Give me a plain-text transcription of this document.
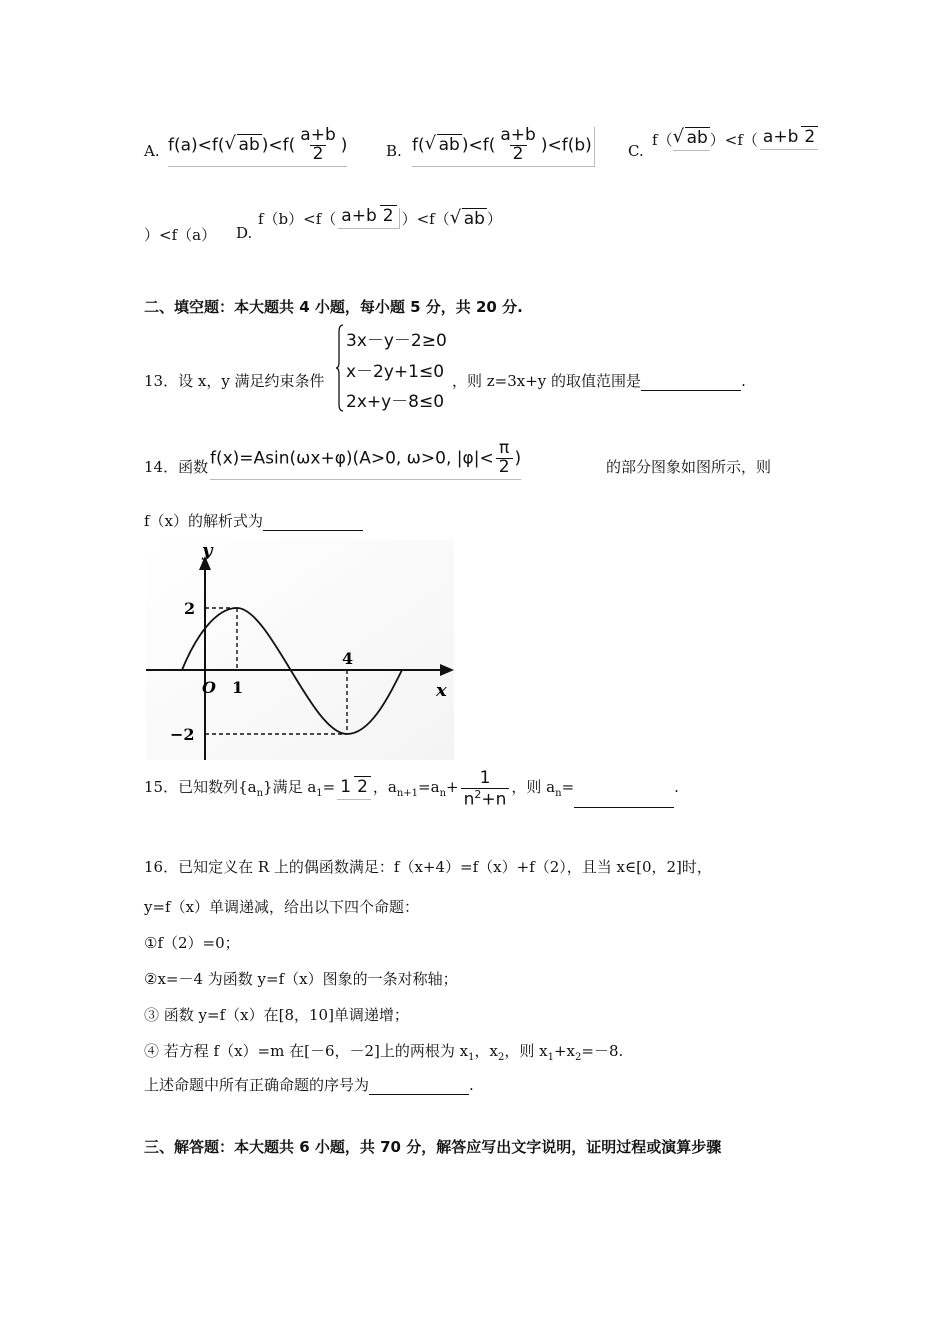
A. f(a)<f( √ ab )$<f( \frac{a+b}{2}$ )	B. f( √ ab )$<f( \frac{a+b}{2} )<f(b)$ C.
f（ √ ab ）<f（ a+b 2
）<f（a） D.
f（b）<f（ a+b 2 ）<f（ √ ab ）
二、填空题：本大题共 4 小题，每小题 5 分，共 20 分.
13．设 x，y 满足约束条件
3x－y－2≥0
x－2y+1≤0
2x+y－8≤0
，则 z=3x+y 的取值范围是	.
14．函数 f(x)=Asin(ωx+φ)(A>0, ω>0, $|\varphi|< \frac{\pi}{2}$ )	的部分图象如图所示，则
f（x）的解析式为
y
x
O
2
−2
1
4
15．已知数列$\{a_n\}$满足 $a_1= 1$ 2 ，$a_{n+1}=a_n+ \frac{1}{n^2+n}$ ，则 $a_n=$	.
16．已知定义在 R 上的偶函数满足：f（x+4）=f（x）+f（2），且当 x∈[0，2]时，
y=f（x）单调递减，给出以下四个命题：
①f（2）=0；
②x=－4 为函数 y=f（x）图象的一条对称轴；
③ 函数 y=f（x）在[8，10]单调递增；
④ 若方程 f（x）=m 在[－6，－2]上的两根为 $x_1$，$x_2$，则 $x_1+x_2=-8$.
上述命题中所有正确命题的序号为	.
三、解答题：本大题共 6 小题，共 70 分，解答应写出文字说明，证明过程或演算步骤
